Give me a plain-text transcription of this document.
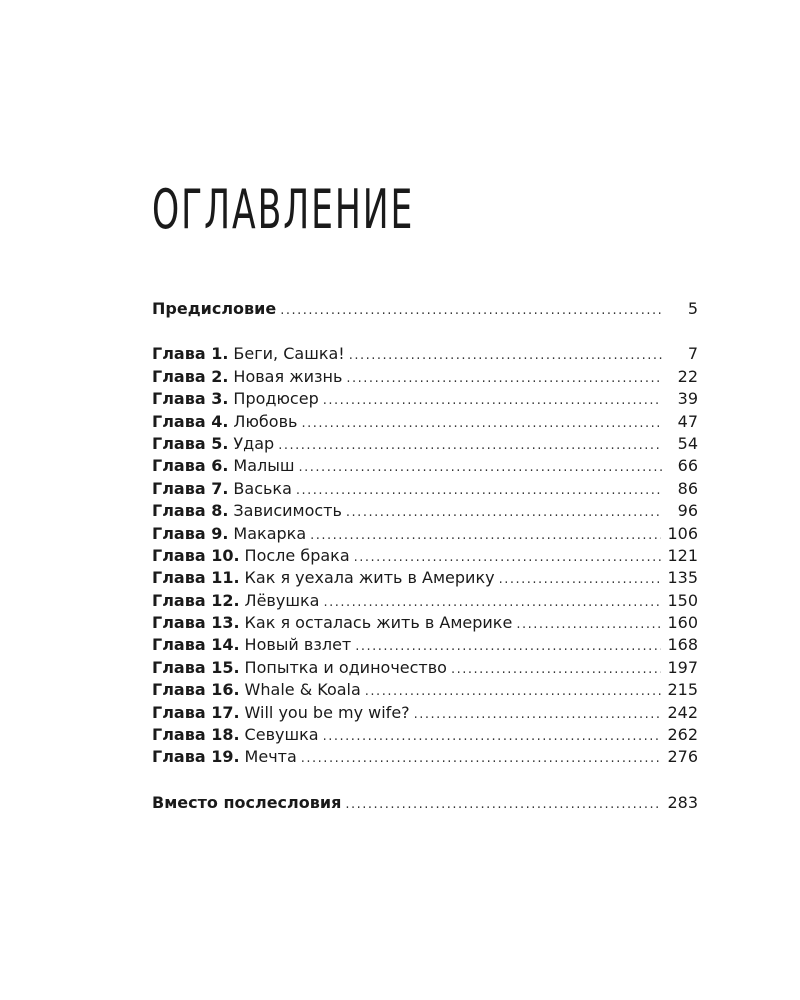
ОГЛАВЛЕНИЕ
Предисловие .....	5
Глава 1. Беги, Сашка! .....	7
Глава 2. Новая жизнь .....	22
Глава 3. Продюсер .....	39
Глава 4. Любовь .....	47
Глава 5. Удар .....	54
Глава 6. Малыш .....	66
Глава 7. Васька .....	86
Глава 8. Зависимость .....	96
Глава 9. Макарка .....	106
Глава 10. После брака .....	121
Глава 11. Как я уехала жить в Америку .....	135
Глава 12. Лёвушка .....	150
Глава 13. Как я осталась жить в Америке .....	160
Глава 14. Новый взлет .....	168
Глава 15. Попытка и одиночество .....	197
Глава 16. Whale & Koala .....	215
Глава 17. Will you be my wife? .....	242
Глава 18. Севушка .....	262
Глава 19. Мечта .....	276
Вместо послесловия .....	283
